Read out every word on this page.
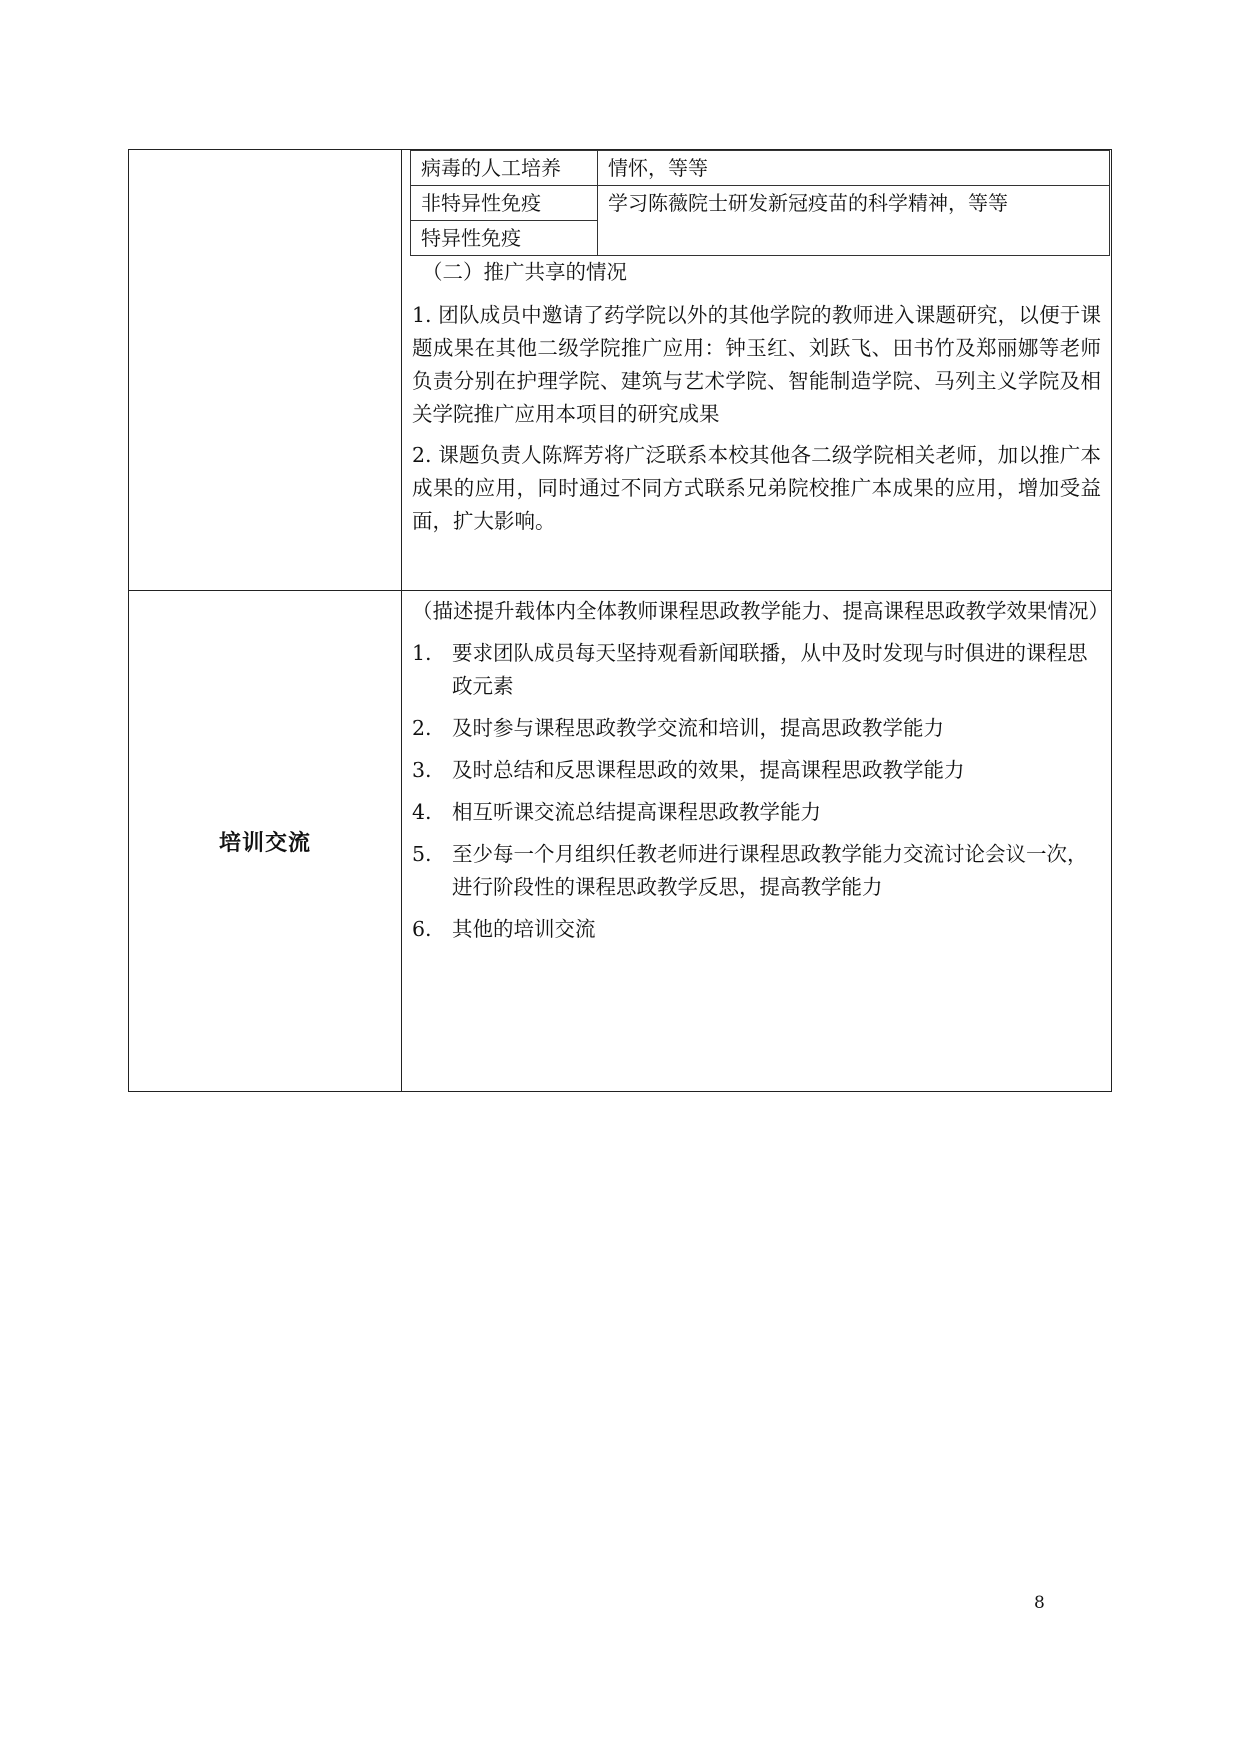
病毒的人工培养	情怀，等等
非特异性免疫	学习陈薇院士研发新冠疫苗的科学精神，等等
特异性免疫
（二）推广共享的情况

1. 团队成员中邀请了药学院以外的其他学院的教师进入课题研究，以便于课题成果在其他二级学院推广应用：钟玉红、刘跃飞、田书竹及郑丽娜等老师负责分别在护理学院、建筑与艺术学院、智能制造学院、马列主义学院及相关学院推广应用本项目的研究成果

2. 课题负责人陈辉芳将广泛联系本校其他各二级学院相关老师，加以推广本成果的应用，同时通过不同方式联系兄弟院校推广本成果的应用，增加受益面，扩大影响。

培训交流	

（描述提升载体内全体教师课程思政教学能力、提高课程思政教学效果情况）

1. 要求团队成员每天坚持观看新闻联播，从中及时发现与时俱进的课程思政元素
2. 及时参与课程思政教学交流和培训，提高思政教学能力
3. 及时总结和反思课程思政的效果，提高课程思政教学能力
4. 相互听课交流总结提高课程思政教学能力
5. 至少每一个月组织任教老师进行课程思政教学能力交流讨论会议一次，进行阶段性的课程思政教学反思，提高教学能力
6. 其他的培训交流
8
